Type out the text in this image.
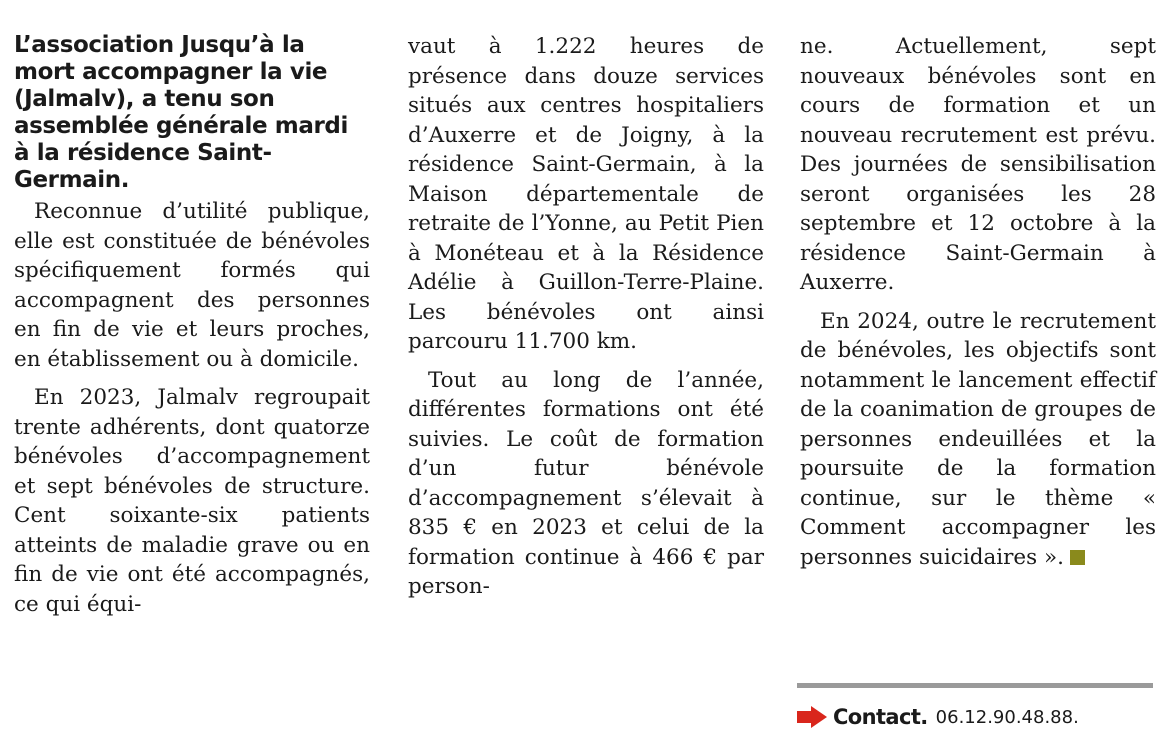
L’association Jusqu’à la mort accompagner la vie (Jalmalv), a tenu son assemblée générale mardi à la résidence Saint-Germain.

Reconnue d’utilité publique, elle est constituée de bénévoles spécifiquement formés qui accompagnent des personnes en fin de vie et leurs proches, en établissement ou à domicile.

En 2023, Jalmalv regroupait trente adhérents, dont quatorze bénévoles d’accompagnement et sept bénévoles de structure. Cent soixante-six patients atteints de maladie grave ou en fin de vie ont été accompagnés, ce qui équi-

vaut à 1.222 heures de présence dans douze services situés aux centres hospitaliers d’Auxerre et de Joigny, à la résidence Saint-Germain, à la Maison départementale de retraite de l’Yonne, au Petit Pien à Monéteau et à la Résidence Adélie à Guillon-Terre-Plaine. Les bénévoles ont ainsi parcouru 11.700 km.

Tout au long de l’année, différentes formations ont été suivies. Le coût de formation d’un futur bénévole d’accompagnement s’élevait à 835 € en 2023 et celui de la formation continue à 466 € par person-

ne. Actuellement, sept nouveaux bénévoles sont en cours de formation et un nouveau recrutement est prévu. Des journées de sensibilisation seront organisées les 28 septembre et 12 octobre à la résidence Saint-Germain à Auxerre.

En 2024, outre le recrutement de bénévoles, les objectifs sont notamment le lancement effectif de la coanimation de groupes de personnes endeuillées et la poursuite de la formation continue, sur le thème « Comment accompagner les personnes suicidaires ».

Contact. 06.12.90.48.88.
